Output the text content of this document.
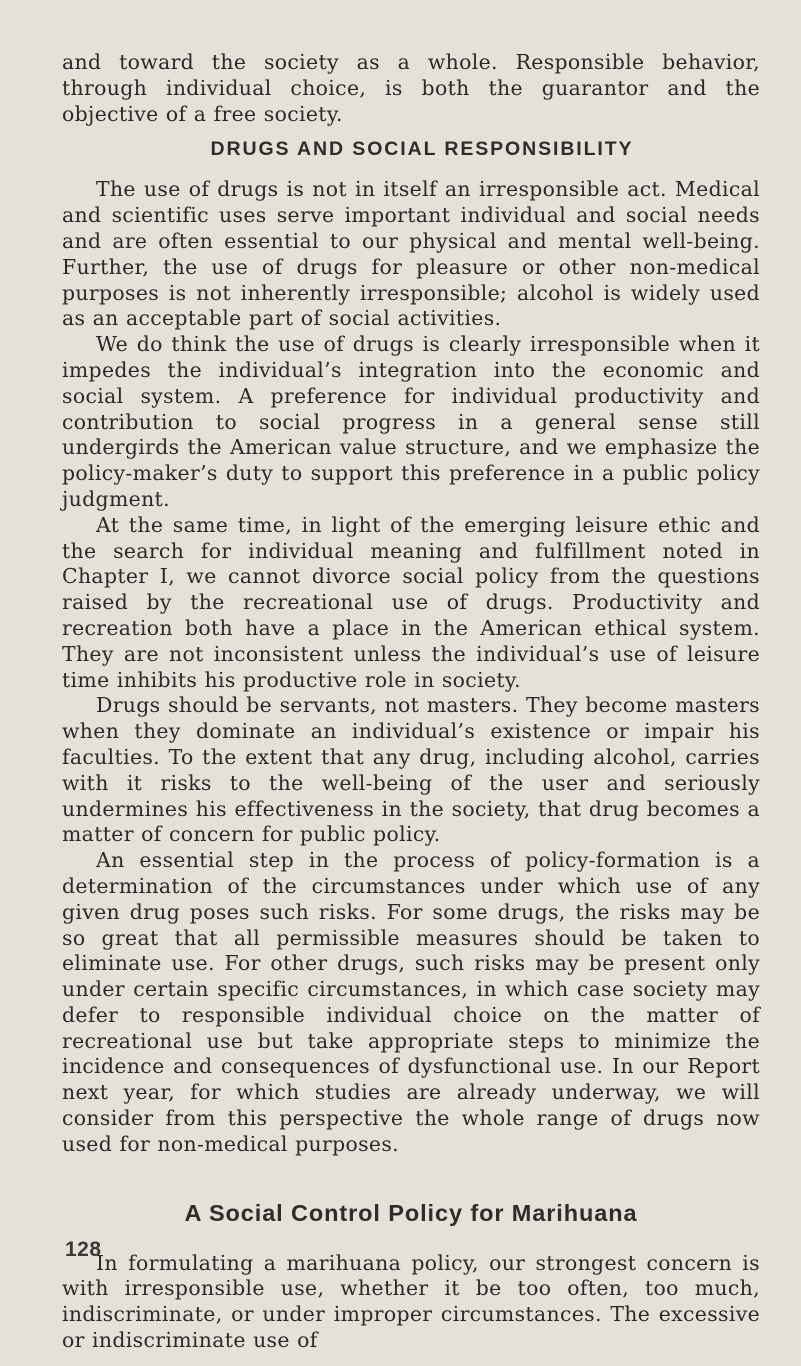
and toward the society as a whole. Responsible behavior, through individual choice, is both the guarantor and the objective of a free society.

DRUGS AND SOCIAL RESPONSIBILITY

The use of drugs is not in itself an irresponsible act. Medical and scientific uses serve important individual and social needs and are often essential to our physical and mental well-being. Further, the use of drugs for pleasure or other non-medical purposes is not inherently irresponsible; alcohol is widely used as an acceptable part of social activities.

We do think the use of drugs is clearly irresponsible when it impedes the individual’s integration into the economic and social system. A preference for individual productivity and contribution to social progress in a general sense still undergirds the American value structure, and we emphasize the policy-maker’s duty to support this preference in a public policy judgment.

At the same time, in light of the emerging leisure ethic and the search for individual meaning and fulfillment noted in Chapter I, we cannot divorce social policy from the questions raised by the recreational use of drugs. Productivity and recreation both have a place in the American ethical system. They are not inconsistent unless the individual’s use of leisure time inhibits his productive role in society.

Drugs should be servants, not masters. They become masters when they dominate an individual’s existence or impair his faculties. To the extent that any drug, including alcohol, carries with it risks to the well-being of the user and seriously undermines his effectiveness in the society, that drug becomes a matter of concern for public policy.

An essential step in the process of policy-formation is a determination of the circumstances under which use of any given drug poses such risks. For some drugs, the risks may be so great that all permissible measures should be taken to eliminate use. For other drugs, such risks may be present only under certain specific circumstances, in which case society may defer to responsible individual choice on the matter of recreational use but take appropriate steps to minimize the incidence and consequences of dysfunctional use. In our Report next year, for which studies are already underway, we will consider from this perspective the whole range of drugs now used for non-medical purposes.

A Social Control Policy for Marihuana

In formulating a marihuana policy, our strongest concern is with irresponsible use, whether it be too often, too much, indiscriminate, or under improper circumstances. The excessive or indiscriminate use of

128
